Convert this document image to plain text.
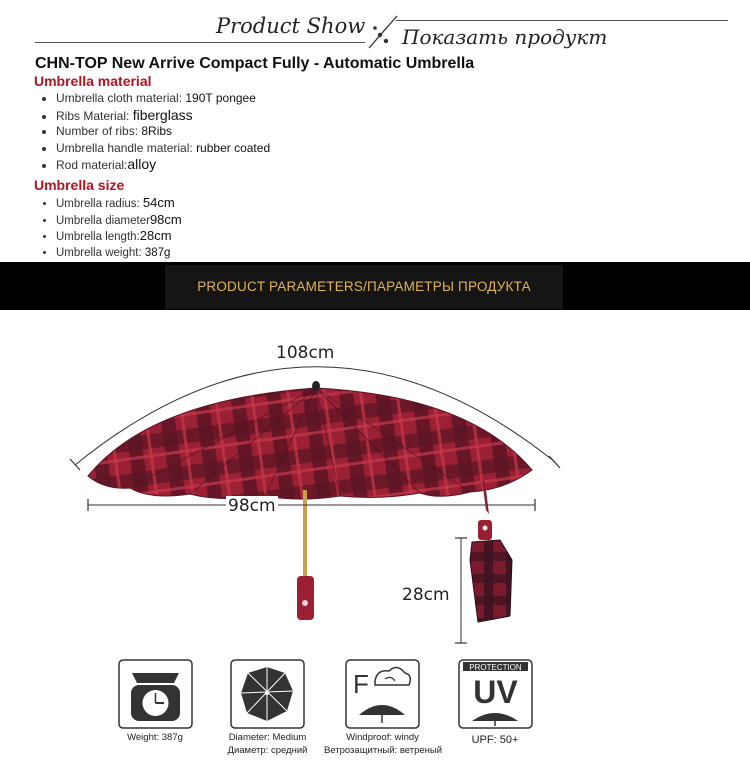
Product Show Показать продукт
CHN-TOP New Arrive Compact Fully - Automatic Umbrella
Umbrella material
• Umbrella cloth material: 190T pongee
• Ribs Material: fiberglass
• Number of ribs: 8Ribs
• Umbrella handle material: rubber coated
• Rod material:alloy
Umbrella size
• Umbrella radius: 54cm
• Umbrella diameter98cm
• Umbrella length:28cm
• Umbrella weight: 387g
PRODUCT PARAMETERS/ПАРАМЕТРЫ ПРОДУКТА
108cm
98cm
28cm
Weight: 387g	Diameter: Medium
Диаметр: средний
F
Windproof: windy
Ветрозащитный: ветреный
PROTECTION
UV
UPF: 50+
